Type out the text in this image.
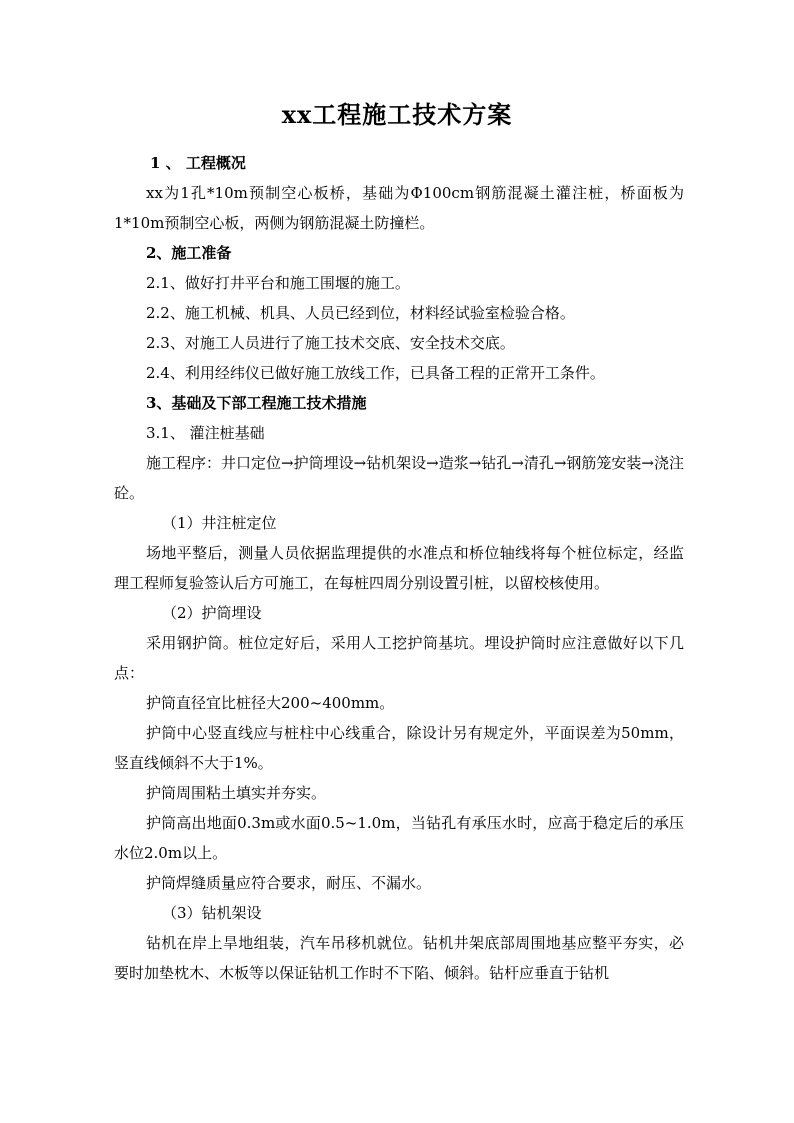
xx工程施工技术方案

1 、 工程概况

xx为1孔*10m预制空心板桥，基础为Φ100cm钢筋混凝土灌注桩，桥面板为1*10m预制空心板，两侧为钢筋混凝土防撞栏。

2、施工准备

2.1、做好打井平台和施工围堰的施工。

2.2、施工机械、机具、人员已经到位，材料经试验室检验合格。

2.3、对施工人员进行了施工技术交底、安全技术交底。

2.4、利用经纬仪已做好施工放线工作，已具备工程的正常开工条件。

3、基础及下部工程施工技术措施

3.1、 灌注桩基础

施工程序：井口定位→护筒埋设→钻机架设→造浆→钻孔→清孔→钢筋笼安装→浇注砼。

（1）井注桩定位

场地平整后，测量人员依据监理提供的水准点和桥位轴线将每个桩位标定，经监理工程师复验签认后方可施工，在每桩四周分别设置引桩，以留校核使用。

（2）护筒埋设

采用钢护筒。桩位定好后，采用人工挖护筒基坑。埋设护筒时应注意做好以下几点：

护筒直径宜比桩径大200~400mm。

护筒中心竖直线应与桩柱中心线重合，除设计另有规定外，平面误差为50mm， 竖直线倾斜不大于1%。

护筒周围粘土填实并夯实。

护筒高出地面0.3m或水面0.5~1.0m，当钻孔有承压水时，应高于稳定后的承压水位2.0m以上。

护筒焊缝质量应符合要求，耐压、不漏水。

（3）钻机架设

钻机在岸上旱地组装，汽车吊移机就位。钻机井架底部周围地基应整平夯实，必要时加垫枕木、木板等以保证钻机工作时不下陷、倾斜。钻杆应垂直于钻机
